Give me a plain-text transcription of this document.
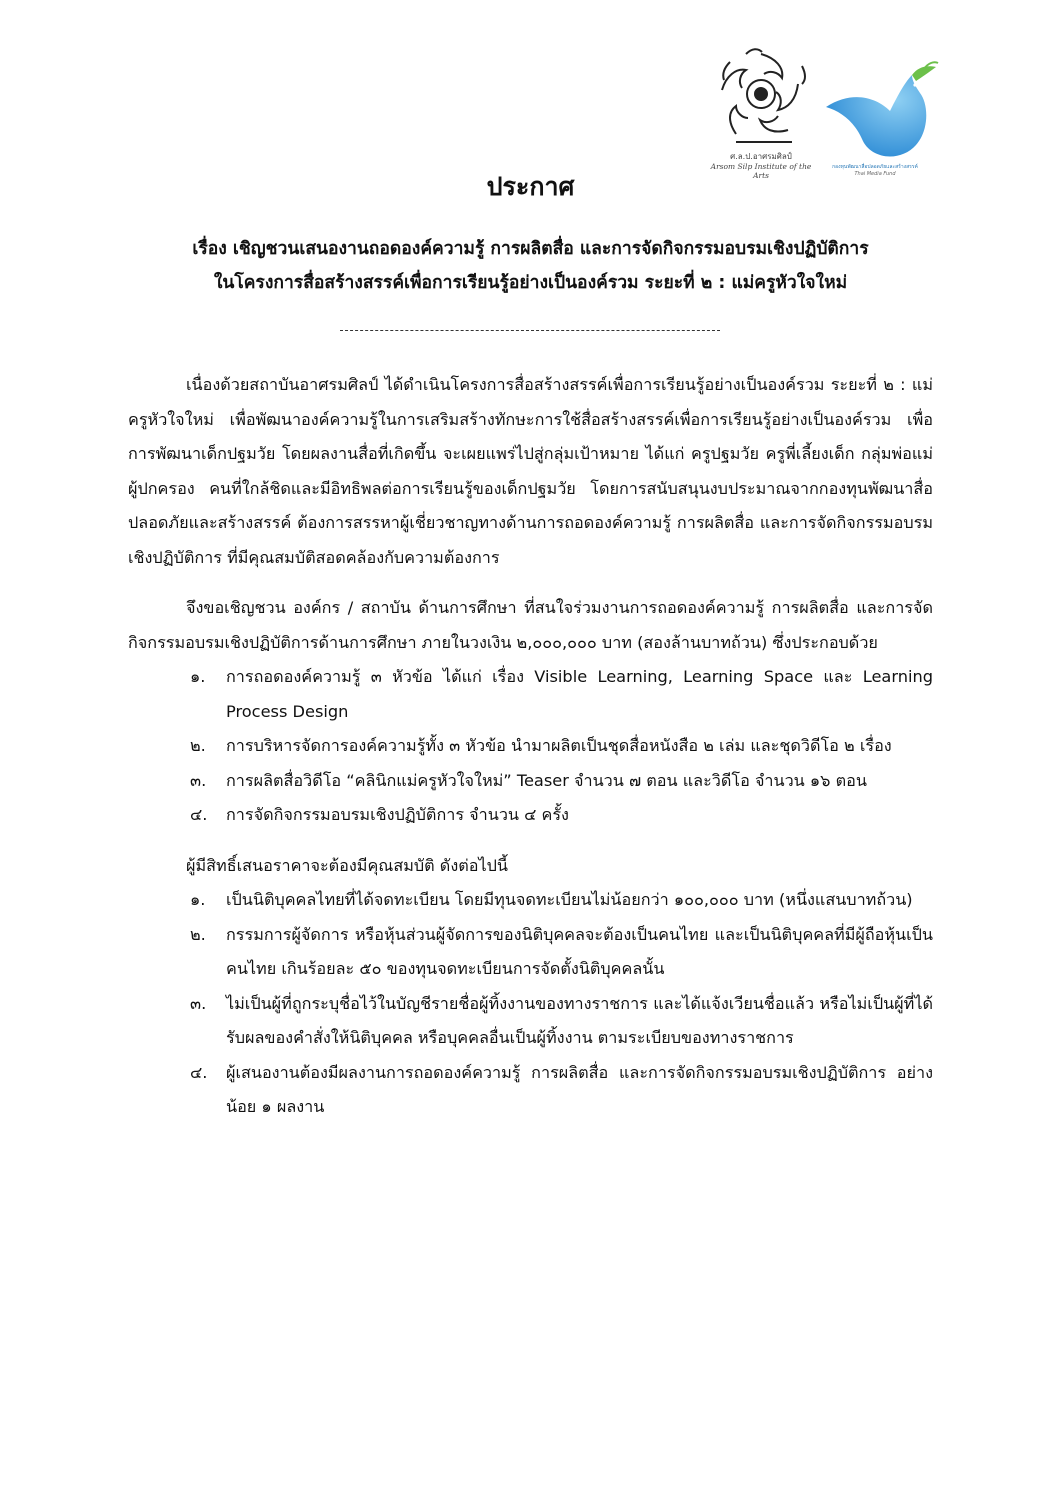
ศ.ล.ป.อาศรมศิลป์
Arsom Silp Institute of the Arts
กองทุนพัฒนาสื่อปลอดภัยและสร้างสรรค์
Thai Media Fund
ประกาศ
เรื่อง เชิญชวนเสนองานถอดองค์ความรู้ การผลิตสื่อ และการจัดกิจกรรมอบรมเชิงปฏิบัติการ
ในโครงการสื่อสร้างสรรค์เพื่อการเรียนรู้อย่างเป็นองค์รวม ระยะที่ ๒ : แม่ครูหัวใจใหม่

เนื่องด้วยสถาบันอาศรมศิลป์ ได้ดำเนินโครงการสื่อสร้างสรรค์เพื่อการเรียนรู้อย่างเป็นองค์รวม ระยะที่ ๒ : แม่ครูหัวใจใหม่ เพื่อพัฒนาองค์ความรู้ในการเสริมสร้างทักษะการใช้สื่อสร้างสรรค์เพื่อการเรียนรู้อย่างเป็นองค์รวม เพื่อการพัฒนาเด็กปฐมวัย โดยผลงานสื่อที่เกิดขึ้น จะเผยแพร่ไปสู่กลุ่มเป้าหมาย ได้แก่ ครูปฐมวัย ครูพี่เลี้ยงเด็ก กลุ่มพ่อแม่ ผู้ปกครอง คนที่ใกล้ชิดและมีอิทธิพลต่อการเรียนรู้ของเด็กปฐมวัย โดยการสนับสนุนงบประมาณจากกองทุนพัฒนาสื่อปลอดภัยและสร้างสรรค์ ต้องการสรรหาผู้เชี่ยวชาญทางด้านการถอดองค์ความรู้ การผลิตสื่อ และการจัดกิจกรรมอบรมเชิงปฏิบัติการ ที่มีคุณสมบัติสอดคล้องกับความต้องการ

จึงขอเชิญชวน องค์กร / สถาบัน ด้านการศึกษา ที่สนใจร่วมงานการถอดองค์ความรู้ การผลิตสื่อ และการจัดกิจกรรมอบรมเชิงปฏิบัติการด้านการศึกษา ภายในวงเงิน ๒,๐๐๐,๐๐๐ บาท (สองล้านบาทถ้วน) ซึ่งประกอบด้วย

๑. การถอดองค์ความรู้ ๓ หัวข้อ ได้แก่ เรื่อง Visible Learning, Learning Space และ Learning Process Design
๒. การบริหารจัดการองค์ความรู้ทั้ง ๓ หัวข้อ นำมาผลิตเป็นชุดสื่อหนังสือ ๒ เล่ม และชุดวิดีโอ ๒ เรื่อง
๓. การผลิตสื่อวิดีโอ “คลินิกแม่ครูหัวใจใหม่” Teaser จำนวน ๗ ตอน และวิดีโอ จำนวน ๑๖ ตอน
๔. การจัดกิจกรรมอบรมเชิงปฏิบัติการ จำนวน ๔ ครั้ง
ผู้มีสิทธิ์เสนอราคาจะต้องมีคุณสมบัติ ดังต่อไปนี้
๑. เป็นนิติบุคคลไทยที่ได้จดทะเบียน โดยมีทุนจดทะเบียนไม่น้อยกว่า ๑๐๐,๐๐๐ บาท (หนึ่งแสนบาทถ้วน)
๒. กรรมการผู้จัดการ หรือหุ้นส่วนผู้จัดการของนิติบุคคลจะต้องเป็นคนไทย และเป็นนิติบุคคลที่มีผู้ถือหุ้นเป็นคนไทย เกินร้อยละ ๕๐ ของทุนจดทะเบียนการจัดตั้งนิติบุคคลนั้น
๓. ไม่เป็นผู้ที่ถูกระบุชื่อไว้ในบัญชีรายชื่อผู้ทิ้งงานของทางราชการ และได้แจ้งเวียนชื่อแล้ว หรือไม่เป็นผู้ที่ได้รับผลของคำสั่งให้นิติบุคคล หรือบุคคลอื่นเป็นผู้ทิ้งงาน ตามระเบียบของทางราชการ
๔. ผู้เสนองานต้องมีผลงานการถอดองค์ความรู้ การผลิตสื่อ และการจัดกิจกรรมอบรมเชิงปฏิบัติการ อย่างน้อย ๑ ผลงาน
